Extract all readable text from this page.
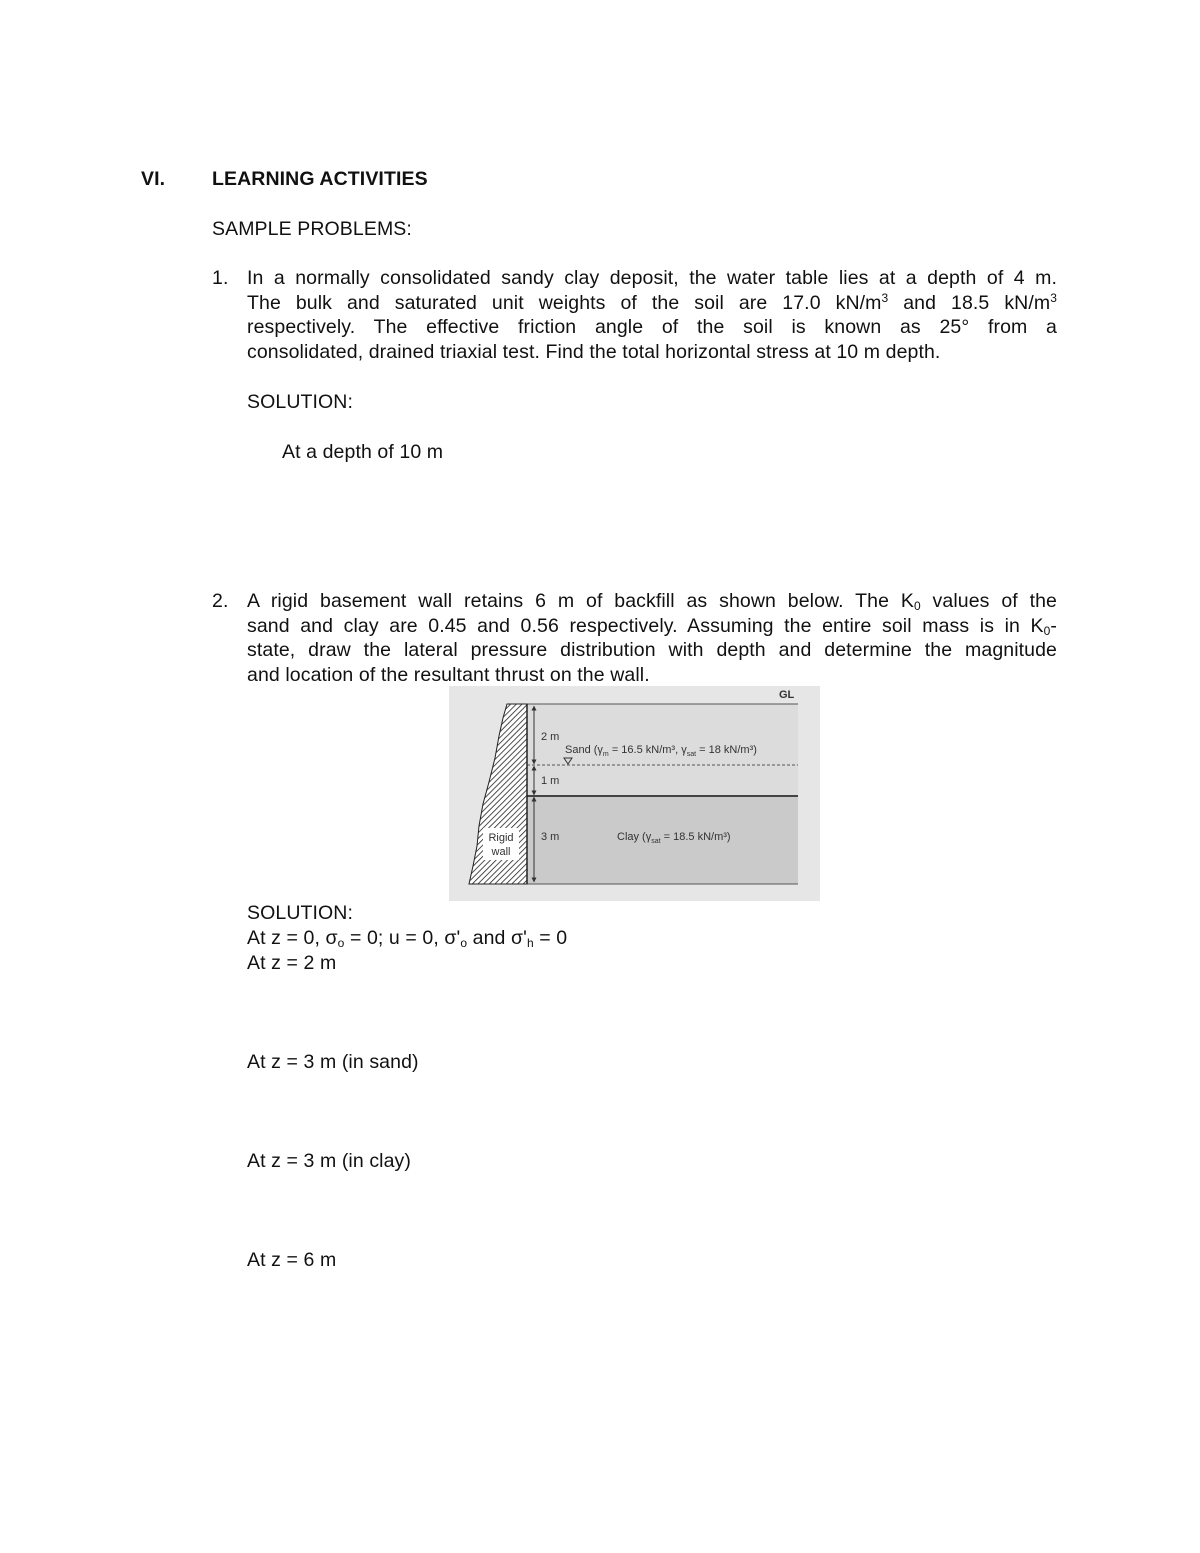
VI. LEARNING ACTIVITIES
SAMPLE PROBLEMS:
1. In a normally consolidated sandy clay deposit, the water table lies at a depth of 4 m.
The bulk and saturated unit weights of the soil are 17.0 $kN/m^3$ and 18.5 $kN/m^3$
respectively. The effective friction angle of the soil is known as 25° from a
consolidated, drained triaxial test. Find the total horizontal stress at 10 m depth.
SOLUTION:
At a depth of 10 m
2. A rigid basement wall retains 6 m of backfill as shown below. The $K_0$ values of the
sand and clay are 0.45 and 0.56 respectively. Assuming the entire soil mass is in $K_0-$
state, draw the lateral pressure distribution with depth and determine the magnitude
and location of the resultant thrust on the wall.
Rigid
wall
GL
2 m
1 m
3 m
Sand ($\gamma_m = 16.5$ kN/m³, $\gamma_{sat} = 18$ kN/m³)
Clay ($\gamma_{sat} = 18.5$ kN/m³)
SOLUTION:
At z = 0, $\sigma_o = 0$; u = 0, $\sigma'_o$ and $\sigma'_h = 0$
At z = 2 m
At z = 3 m (in sand)
At z = 3 m (in clay)
At z = 6 m
